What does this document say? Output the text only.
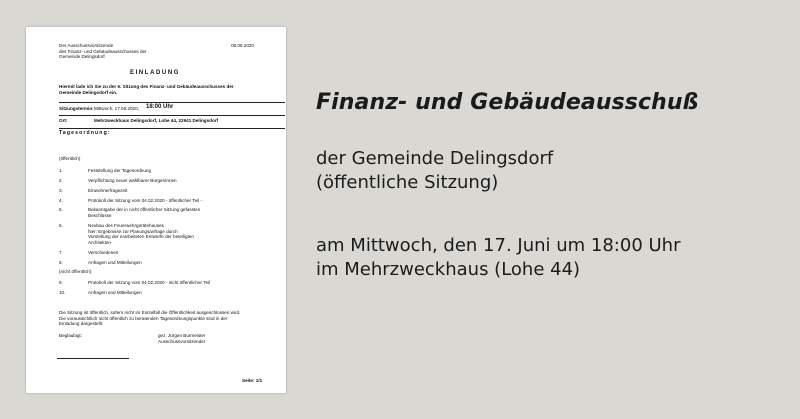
Der Ausschussvorsitzende
des Finanz- und Gebäudeausschusses der
Gemeinde Delingsdorf
08.06.2020
EINLADUNG
Hiermit lade ich Sie zu der 6. Sitzung des Finanz- und Gebäudeausschusses der
Gemeinde Delingsdorf ein.
Sitzungstermin: Mittwoch, 17.06.2020, 18:00 Uhr
Ort:	Mehrzweckhaus Delingsdorf, Lohe 44, 22941 Delingsdorf
Tagesordnung:
(öffentlich)
1.	Feststellung der Tagesordnung
2.	Verpflichtung neuer wählbarer Bürger/innen
3.	Einwohnerfragezeit
4.	Protokoll der Sitzung vom 04.02.2020 - öffentlicher Teil -
5.	Bekanntgabe der in nicht öffentlicher Sitzung gefassten
Beschlüsse
6.	Neubau des Feuerwehrgerätehauses
hier: Ergebnisse zur Planungsanfrage durch
Vorstellung der erarbeiteten Entwürfe der beteiligten
Architekten
7.	Verschiedenes
8.	Anfragen und Mitteilungen
(nicht öffentlich)
9.	Protokoll der Sitzung vom 04.02.2020 - nicht öffentlicher Teil
10.	Anfragen und Mitteilungen
Die Sitzung ist öffentlich, sofern nicht im Einzelfall die Öffentlichkeit ausgeschlossen wird.
Die voraussichtlich nicht öffentlich zu beratenden Tagesordnungspunkte sind in der
Einladung dargestellt.
Beglaubigt:	gez. Jürgen Burmeister
Ausschussvorsitzender
Seite: 1/1
Finanz- und Gebäudeausschuß
der Gemeinde Delingsdorf
(öffentliche Sitzung)
am Mittwoch, den 17. Juni um 18:00 Uhr
im Mehrzweckhaus (Lohe 44)
